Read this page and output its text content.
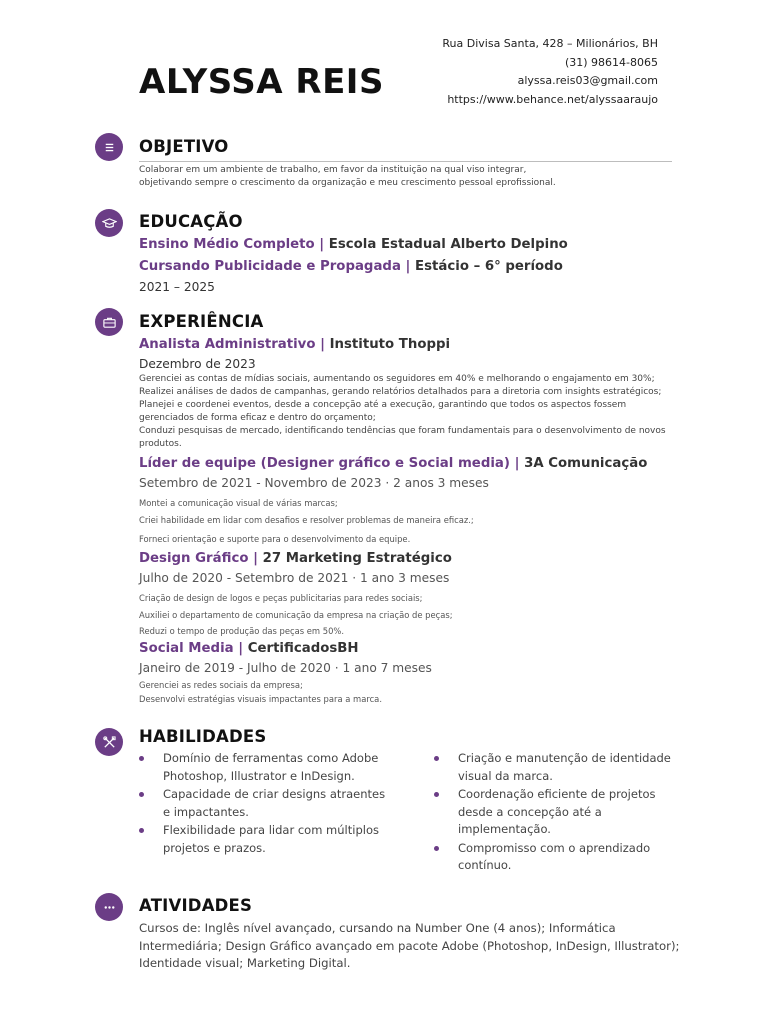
ALYSSA REIS
Rua Divisa Santa, 428 – Milionários, BH
(31) 98614-8065
alyssa.reis03@gmail.com
https://www.behance.net/alyssaaraujo
OBJETIVO
Colaborar em um ambiente de trabalho, em favor da instituição na qual viso integrar,
objetivando sempre o crescimento da organização e meu crescimento pessoal eprofissional.
EDUCAÇÃO
Ensino Médio Completo | Escola Estadual Alberto Delpino
Cursando Publicidade e Propagada | Estácio – 6° período
2021 – 2025
EXPERIÊNCIA
Analista Administrativo | Instituto Thoppi
Dezembro de 2023
Gerenciei as contas de mídias sociais, aumentando os seguidores em 40% e melhorando o engajamento em 30%;
Realizei análises de dados de campanhas, gerando relatórios detalhados para a diretoria com insights estratégicos;
Planejei e coordenei eventos, desde a concepção até a execução, garantindo que todos os aspectos fossem
gerenciados de forma eficaz e dentro do orçamento;
Conduzi pesquisas de mercado, identificando tendências que foram fundamentais para o desenvolvimento de novos
produtos.
Líder de equipe (Designer gráfico e Social media) | 3A Comunicação
Setembro de 2021 - Novembro de 2023 · 2 anos 3 meses
Montei a comunicação visual de várias marcas;
Criei habilidade em lidar com desafios e resolver problemas de maneira eficaz.;
Forneci orientação e suporte para o desenvolvimento da equipe.
Design Gráfico | 27 Marketing Estratégico
Julho de 2020 - Setembro de 2021 · 1 ano 3 meses
Criação de design de logos e peças publicitarias para redes sociais;
Auxiliei o departamento de comunicação da empresa na criação de peças;
Reduzi o tempo de produção das peças em 50%.
Social Media | CertificadosBH
Janeiro de 2019 - Julho de 2020 · 1 ano 7 meses
Gerenciei as redes sociais da empresa;
Desenvolvi estratégias visuais impactantes para a marca.
HABILIDADES
Domínio de ferramentas como Adobe Photoshop, Illustrator e InDesign.
Capacidade de criar designs atraentes e impactantes.
Flexibilidade para lidar com múltiplos projetos e prazos.
Criação e manutenção de identidade visual da marca.
Coordenação eficiente de projetos desde a concepção até a implementação.
Compromisso com o aprendizado contínuo.
ATIVIDADES
Cursos de: Inglês nível avançado, cursando na Number One (4 anos); Informática
Intermediária; Design Gráfico avançado em pacote Adobe (Photoshop, InDesign, Illustrator);
Identidade visual; Marketing Digital.
